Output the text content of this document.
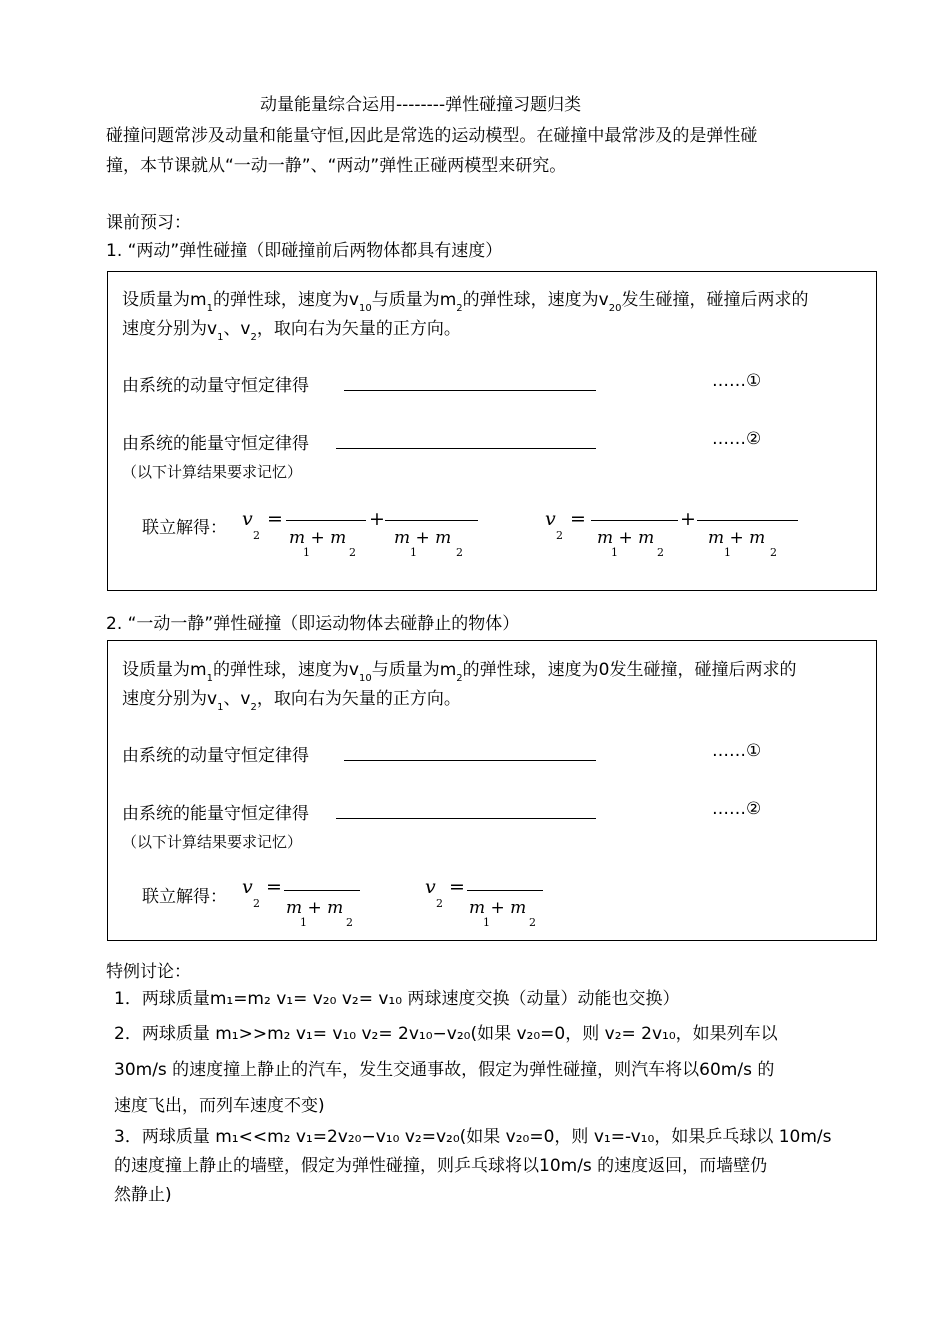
动量能量综合运用--------弹性碰撞习题归类
碰撞问题常涉及动量和能量守恒,因此是常选的运动模型。在碰撞中最常涉及的是弹性碰
撞，本节课就从“一动一静”、“两动”弹性正碰两模型来研究。
课前预习：
1. “两动”弹性碰撞（即碰撞前后两物体都具有速度）
设质量为$m_1$的弹性球，速度为$v_{10}$与质量为$m_2$的弹性球，速度为$v_{20}$发生碰撞，碰撞后两求的
速度分别为$v_1$、$v_2$，取向右为矢量的正方向。
由系统的动量守恒定律得	……①
由系统的能量守恒定律得	……②
（以下计算结果要求记忆）
联立解得： v
2
=
m + m
1	2
+
m + m
1	2
v
2
=
m + m
1	2
+
m + m
1	2
2. “一动一静”弹性碰撞（即运动物体去碰静止的物体）
设质量为$m_1$的弹性球，速度为$v_{10}$与质量为$m_2$的弹性球，速度为0发生碰撞，碰撞后两求的
速度分别为$v_1$、$v_2$，取向右为矢量的正方向。
由系统的动量守恒定律得	……①
由系统的能量守恒定律得	……②
（以下计算结果要求记忆）
联立解得： v
2
=
m + m
1	2
v
2
=
m + m
1	2
特例讨论：
1．两球质量m₁=m₂ v₁= v₂₀ v₂= v₁₀ 两球速度交换（动量）动能也交换）
2．两球质量 m₁>>m₂ v₁= v₁₀ v₂= 2v₁₀−v₂₀(如果 v₂₀=0，则 v₂= 2v₁₀，如果列车以
30m/s 的速度撞上静止的汽车，发生交通事故，假定为弹性碰撞，则汽车将以60m/s 的
速度飞出，而列车速度不变)
3．两球质量 m₁<<m₂ v₁=2v₂₀−v₁₀ v₂=v₂₀(如果 v₂₀=0，则 v₁=-v₁₀，如果乒乓球以 10m/s
的速度撞上静止的墙壁，假定为弹性碰撞，则乒乓球将以10m/s 的速度返回，而墙壁仍
然静止)
